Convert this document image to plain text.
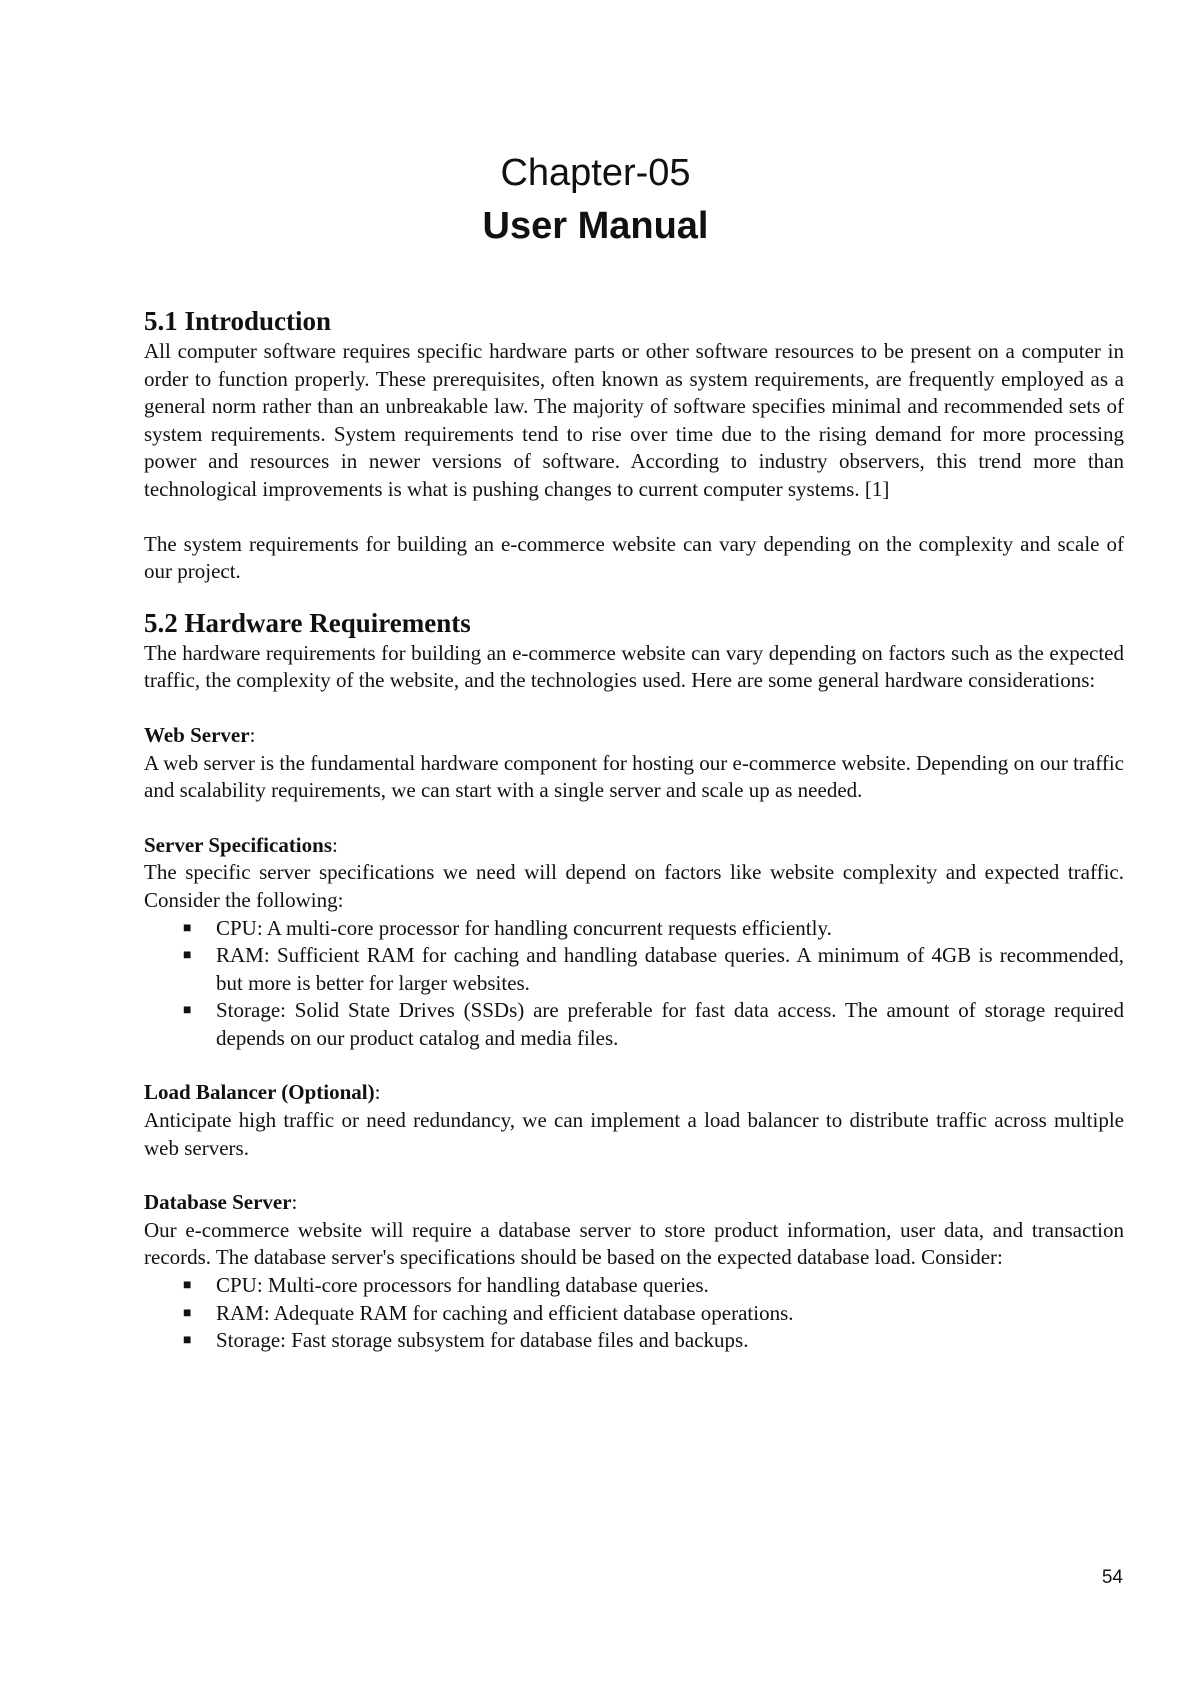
Chapter-05
User Manual
5.1 Introduction

All computer software requires specific hardware parts or other software resources to be present on a computer in order to function properly. These prerequisites, often known as system requirements, are frequently employed as a general norm rather than an unbreakable law. The majority of software specifies minimal and recommended sets of system requirements. System requirements tend to rise over time due to the rising demand for more processing power and resources in newer versions of software. According to industry observers, this trend more than technological improvements is what is pushing changes to current computer systems. [1]

The system requirements for building an e-commerce website can vary depending on the complexity and scale of our project.

5.2 Hardware Requirements

The hardware requirements for building an e-commerce website can vary depending on factors such as the expected traffic, the complexity of the website, and the technologies used. Here are some general hardware considerations:

Web Server:

A web server is the fundamental hardware component for hosting our e-commerce website. Depending on our traffic and scalability requirements, we can start with a single server and scale up as needed.

Server Specifications:

The specific server specifications we need will depend on factors like website complexity and expected traffic. Consider the following:

■ CPU: A multi-core processor for handling concurrent requests efficiently.
■ RAM: Sufficient RAM for caching and handling database queries. A minimum of 4GB is recommended, but more is better for larger websites.
■ Storage: Solid State Drives (SSDs) are preferable for fast data access. The amount of storage required depends on our product catalog and media files.
Load Balancer (Optional):

Anticipate high traffic or need redundancy, we can implement a load balancer to distribute traffic across multiple web servers.

Database Server:

Our e-commerce website will require a database server to store product information, user data, and transaction records. The database server's specifications should be based on the expected database load. Consider:

■ CPU: Multi-core processors for handling database queries.
■ RAM: Adequate RAM for caching and efficient database operations.
■ Storage: Fast storage subsystem for database files and backups.
54
